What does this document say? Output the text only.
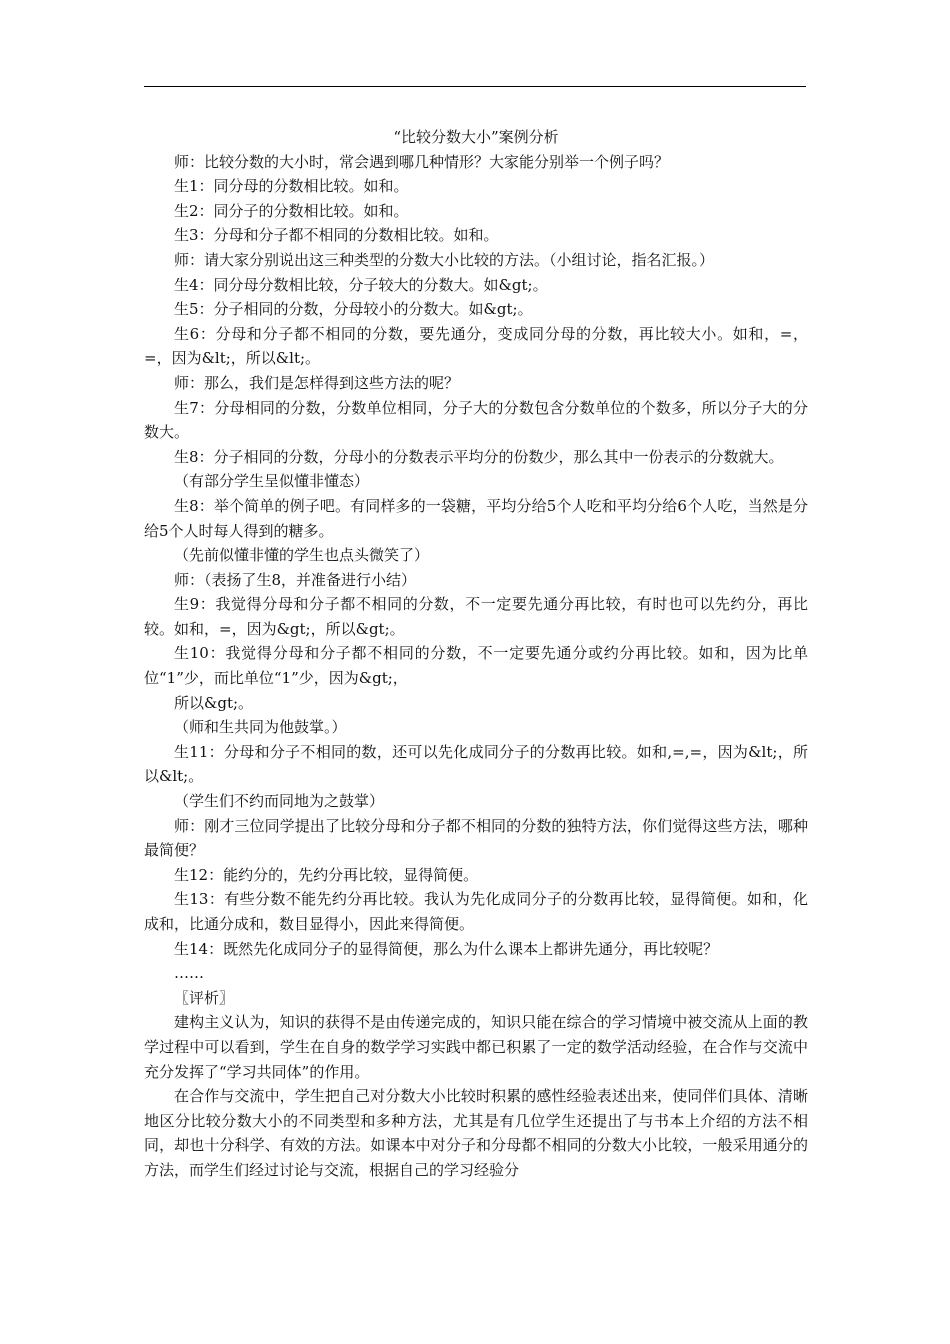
“比较分数大小”案例分析

师：比较分数的大小时，常会遇到哪几种情形？大家能分别举一个例子吗？

生1：同分母的分数相比较。如和。

生2：同分子的分数相比较。如和。

生3：分母和分子都不相同的分数相比较。如和。

师：请大家分别说出这三种类型的分数大小比较的方法。（小组讨论，指名汇报。）

生4：同分母分数相比较，分子较大的分数大。如&gt;。

生5：分子相同的分数，分母较小的分数大。如&gt;。

生6：分母和分子都不相同的分数，要先通分，变成同分母的分数，再比较大小。如和，=，=，因为&lt;，所以&lt;。

师：那么，我们是怎样得到这些方法的呢？

生7：分母相同的分数，分数单位相同，分子大的分数包含分数单位的个数多，所以分子大的分数大。

生8：分子相同的分数，分母小的分数表示平均分的份数少，那么其中一份表示的分数就大。

（有部分学生呈似懂非懂态）

生8：举个简单的例子吧。有同样多的一袋糖，平均分给5个人吃和平均分给6个人吃，当然是分给5个人时每人得到的糖多。

（先前似懂非懂的学生也点头微笑了）

师：（表扬了生8，并准备进行小结）

生9：我觉得分母和分子都不相同的分数，不一定要先通分再比较，有时也可以先约分，再比较。如和，=，因为&gt;，所以&gt;。

生10：我觉得分母和分子都不相同的分数，不一定要先通分或约分再比较。如和，因为比单位“1”少，而比单位“1”少，因为&gt;，

所以&gt;。

（师和生共同为他鼓掌。）

生11：分母和分子不相同的数，还可以先化成同分子的分数再比较。如和,=,=，因为&lt;，所以&lt;。

（学生们不约而同地为之鼓掌）

师：刚才三位同学提出了比较分母和分子都不相同的分数的独特方法，你们觉得这些方法，哪种最简便？

生12：能约分的，先约分再比较，显得简便。

生13：有些分数不能先约分再比较。我认为先化成同分子的分数再比较，显得简便。如和，化成和，比通分成和，数目显得小，因此来得简便。

生14：既然先化成同分子的显得简便，那么为什么课本上都讲先通分，再比较呢？

……

〖评析〗

建构主义认为，知识的获得不是由传递完成的，知识只能在综合的学习情境中被交流从上面的教学过程中可以看到，学生在自身的数学学习实践中都已积累了一定的数学活动经验，在合作与交流中充分发挥了“学习共同体”的作用。

在合作与交流中，学生把自己对分数大小比较时积累的感性经验表述出来，使同伴们具体、清晰地区分比较分数大小的不同类型和多种方法，尤其是有几位学生还提出了与书本上介绍的方法不相同，却也十分科学、有效的方法。如课本中对分子和分母都不相同的分数大小比较，一般采用通分的方法，而学生们经过讨论与交流，根据自己的学习经验分
